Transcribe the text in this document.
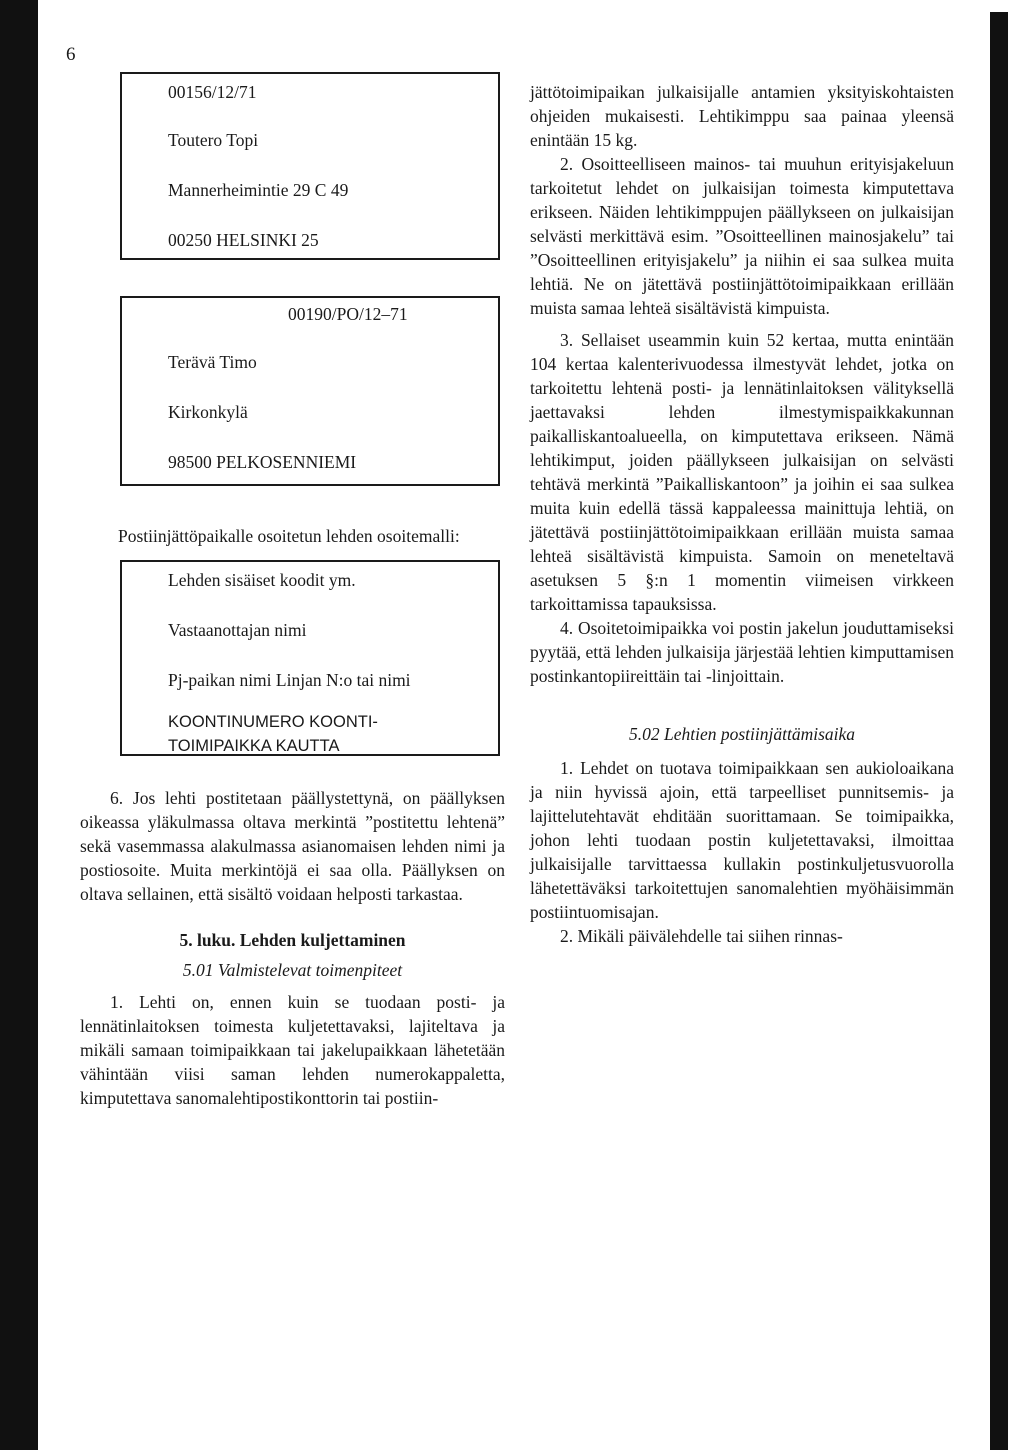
6
00156/12/71
Toutero Topi
Mannerheimintie 29 C 49
00250 HELSINKI 25
00190/PO/12–71
Terävä Timo
Kirkonkylä
98500 PELKOSENNIEMI

Postiinjättöpaikalle osoitetun lehden osoitemalli:

Lehden sisäiset koodit ym.
Vastaanottajan nimi
Pj-paikan nimi Linjan N:o tai nimi
KOONTINUMERO KOONTI-
TOIMIPAIKKA KAUTTA

6. Jos lehti postitetaan päällystettynä, on päällyksen oikeassa yläkulmassa oltava merkintä ”postitettu lehtenä” sekä vasemmassa alakulmassa asianomaisen lehden nimi ja postiosoite. Muita merkintöjä ei saa olla. Päällyksen on oltava sellainen, että sisältö voidaan helposti tarkastaa.

5. luku. Lehden kuljettaminen

5.01 Valmistelevat toimenpiteet

1. Lehti on, ennen kuin se tuodaan posti- ja lennätinlaitoksen toimesta kuljetettavaksi, lajiteltava ja mikäli samaan toimipaikkaan tai jakelupaikkaan lähetetään vähintään viisi saman lehden numerokappaletta, kimputettava sanomalehtipostikonttorin tai postiin-

jättötoimipaikan julkaisijalle antamien yksityiskohtaisten ohjeiden mukaisesti. Lehtikimppu saa painaa yleensä enintään 15 kg.

2. Osoitteelliseen mainos- tai muuhun erityisjakeluun tarkoitetut lehdet on julkaisijan toimesta kimputettava erikseen. Näiden lehtikimppujen päällykseen on julkaisijan selvästi merkittävä esim. ”Osoitteellinen mainosjakelu” tai ”Osoitteellinen erityisjakelu” ja niihin ei saa sulkea muita lehtiä. Ne on jätettävä postiinjättötoimipaikkaan erillään muista samaa lehteä sisältävistä kimpuista.

3. Sellaiset useammin kuin 52 kertaa, mutta enintään 104 kertaa kalenterivuodessa ilmestyvät lehdet, jotka on tarkoitettu lehtenä posti- ja lennätinlaitoksen välityksellä jaettavaksi lehden ilmestymispaikkakunnan paikalliskantoalueella, on kimputettava erikseen. Nämä lehtikimput, joiden päällykseen julkaisijan on selvästi tehtävä merkintä ”Paikalliskantoon” ja joihin ei saa sulkea muita kuin edellä tässä kappaleessa mainittuja lehtiä, on jätettävä postiinjättötoimipaikkaan erillään muista samaa lehteä sisältävistä kimpuista. Samoin on meneteltavä asetuksen 5 §:n 1 momentin viimeisen virkkeen tarkoittamissa tapauksissa.

4. Osoitetoimipaikka voi postin jakelun jouduttamiseksi pyytää, että lehden julkaisija järjestää lehtien kimputtamisen postinkantopiireittäin tai -linjoittain.

5.02 Lehtien postiinjättämisaika

1. Lehdet on tuotava toimipaikkaan sen aukioloaikana ja niin hyvissä ajoin, että tarpeelliset punnitsemis- ja lajittelutehtavät ehditään suorittamaan. Se toimipaikka, johon lehti tuodaan postin kuljetettavaksi, ilmoittaa julkaisijalle tarvittaessa kullakin postinkuljetusvuorolla lähetettäväksi tarkoitettujen sanomalehtien myöhäisimmän postiintuomisajan.

2. Mikäli päivälehdelle tai siihen rinnas-
